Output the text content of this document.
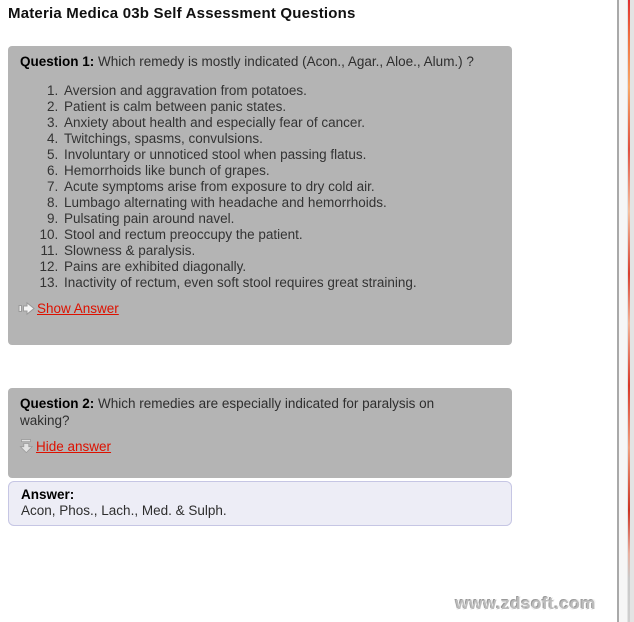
Materia Medica 03b Self Assessment Questions

Question 1: Which remedy is mostly indicated (Acon., Agar., Aloe., Alum.) ?

1. Aversion and aggravation from potatoes.
2. Patient is calm between panic states.
3. Anxiety about health and especially fear of cancer.
4. Twitchings, spasms, convulsions.
5. Involuntary or unnoticed stool when passing flatus.
6. Hemorrhoids like bunch of grapes.
7. Acute symptoms arise from exposure to dry cold air.
8. Lumbago alternating with headache and hemorrhoids.
9. Pulsating pain around navel.
10. Stool and rectum preoccupy the patient.
11. Slowness & paralysis.
12. Pains are exhibited diagonally.
13. Inactivity of rectum, even soft stool requires great straining.
Show Answer

Question 2: Which remedies are especially indicated for paralysis on waking?

Hide answer
Answer:
Acon, Phos., Lach., Med. & Sulph.
www.zdsoft.com
